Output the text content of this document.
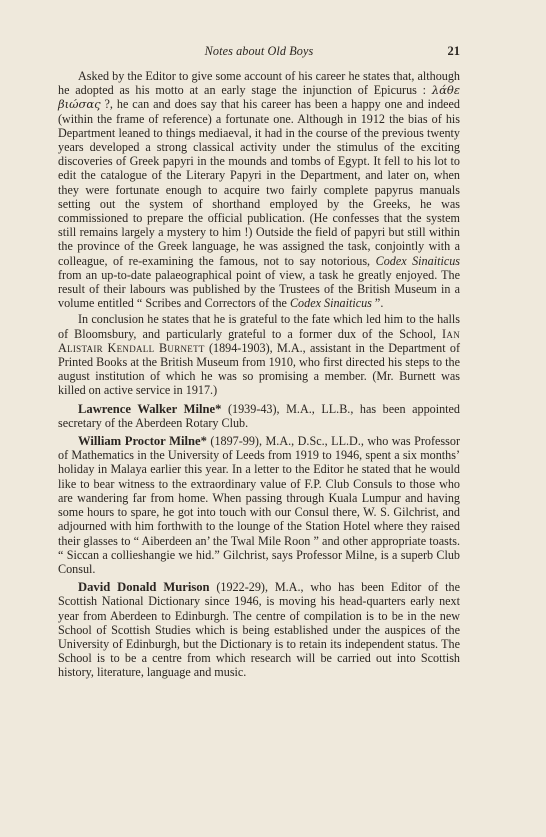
Notes about Old Boys	21

Asked by the Editor to give some account of his career he states that, although he adopted as his motto at an early stage the injunction of Epicurus : λάθε βιώσας ?, he can and does say that his career has been a happy one and indeed (within the frame of reference) a fortunate one. Although in 1912 the bias of his Department leaned to things mediaeval, it had in the course of the previous twenty years developed a strong classical activity under the stimulus of the exciting discoveries of Greek papyri in the mounds and tombs of Egypt. It fell to his lot to edit the catalogue of the Literary Papyri in the Department, and later on, when they were fortunate enough to acquire two fairly complete papyrus manuals setting out the system of shorthand employed by the Greeks, he was commissioned to prepare the official publication. (He confesses that the system still remains largely a mystery to him !) Outside the field of papyri but still within the province of the Greek language, he was assigned the task, conjointly with a colleague, of re-examining the famous, not to say notorious, Codex Sinaiticus from an up-to-date palaeographical point of view, a task he greatly enjoyed. The result of their labours was published by the Trustees of the British Museum in a volume entitled “ Scribes and Correctors of the Codex Sinaiticus ”.

In conclusion he states that he is grateful to the fate which led him to the halls of Bloomsbury, and particularly grateful to a former dux of the School, Ian Alistair Kendall Burnett (1894-1903), M.A., assistant in the Department of Printed Books at the British Museum from 1910, who first directed his steps to the august institution of which he was so promising a member. (Mr. Burnett was killed on active service in 1917.)

Lawrence Walker Milne* (1939-43), M.A., LL.B., has been appointed secretary of the Aberdeen Rotary Club.

William Proctor Milne* (1897-99), M.A., D.Sc., LL.D., who was Professor of Mathematics in the University of Leeds from 1919 to 1946, spent a six months’ holiday in Malaya earlier this year. In a letter to the Editor he stated that he would like to bear witness to the extraordinary value of F.P. Club Consuls to those who are wandering far from home. When passing through Kuala Lumpur and having some hours to spare, he got into touch with our Consul there, W. S. Gilchrist, and adjourned with him forthwith to the lounge of the Station Hotel where they raised their glasses to “ Aiberdeen an’ the Twal Mile Roon ” and other appropriate toasts. “ Siccan a collieshangie we hid.” Gilchrist, says Professor Milne, is a superb Club Consul.

David Donald Murison (1922-29), M.A., who has been Editor of the Scottish National Dictionary since 1946, is moving his head-quarters early next year from Aberdeen to Edinburgh. The centre of compilation is to be in the new School of Scottish Studies which is being established under the auspices of the University of Edinburgh, but the Dictionary is to retain its independent status. The School is to be a centre from which research will be carried out into Scottish history, literature, language and music.
